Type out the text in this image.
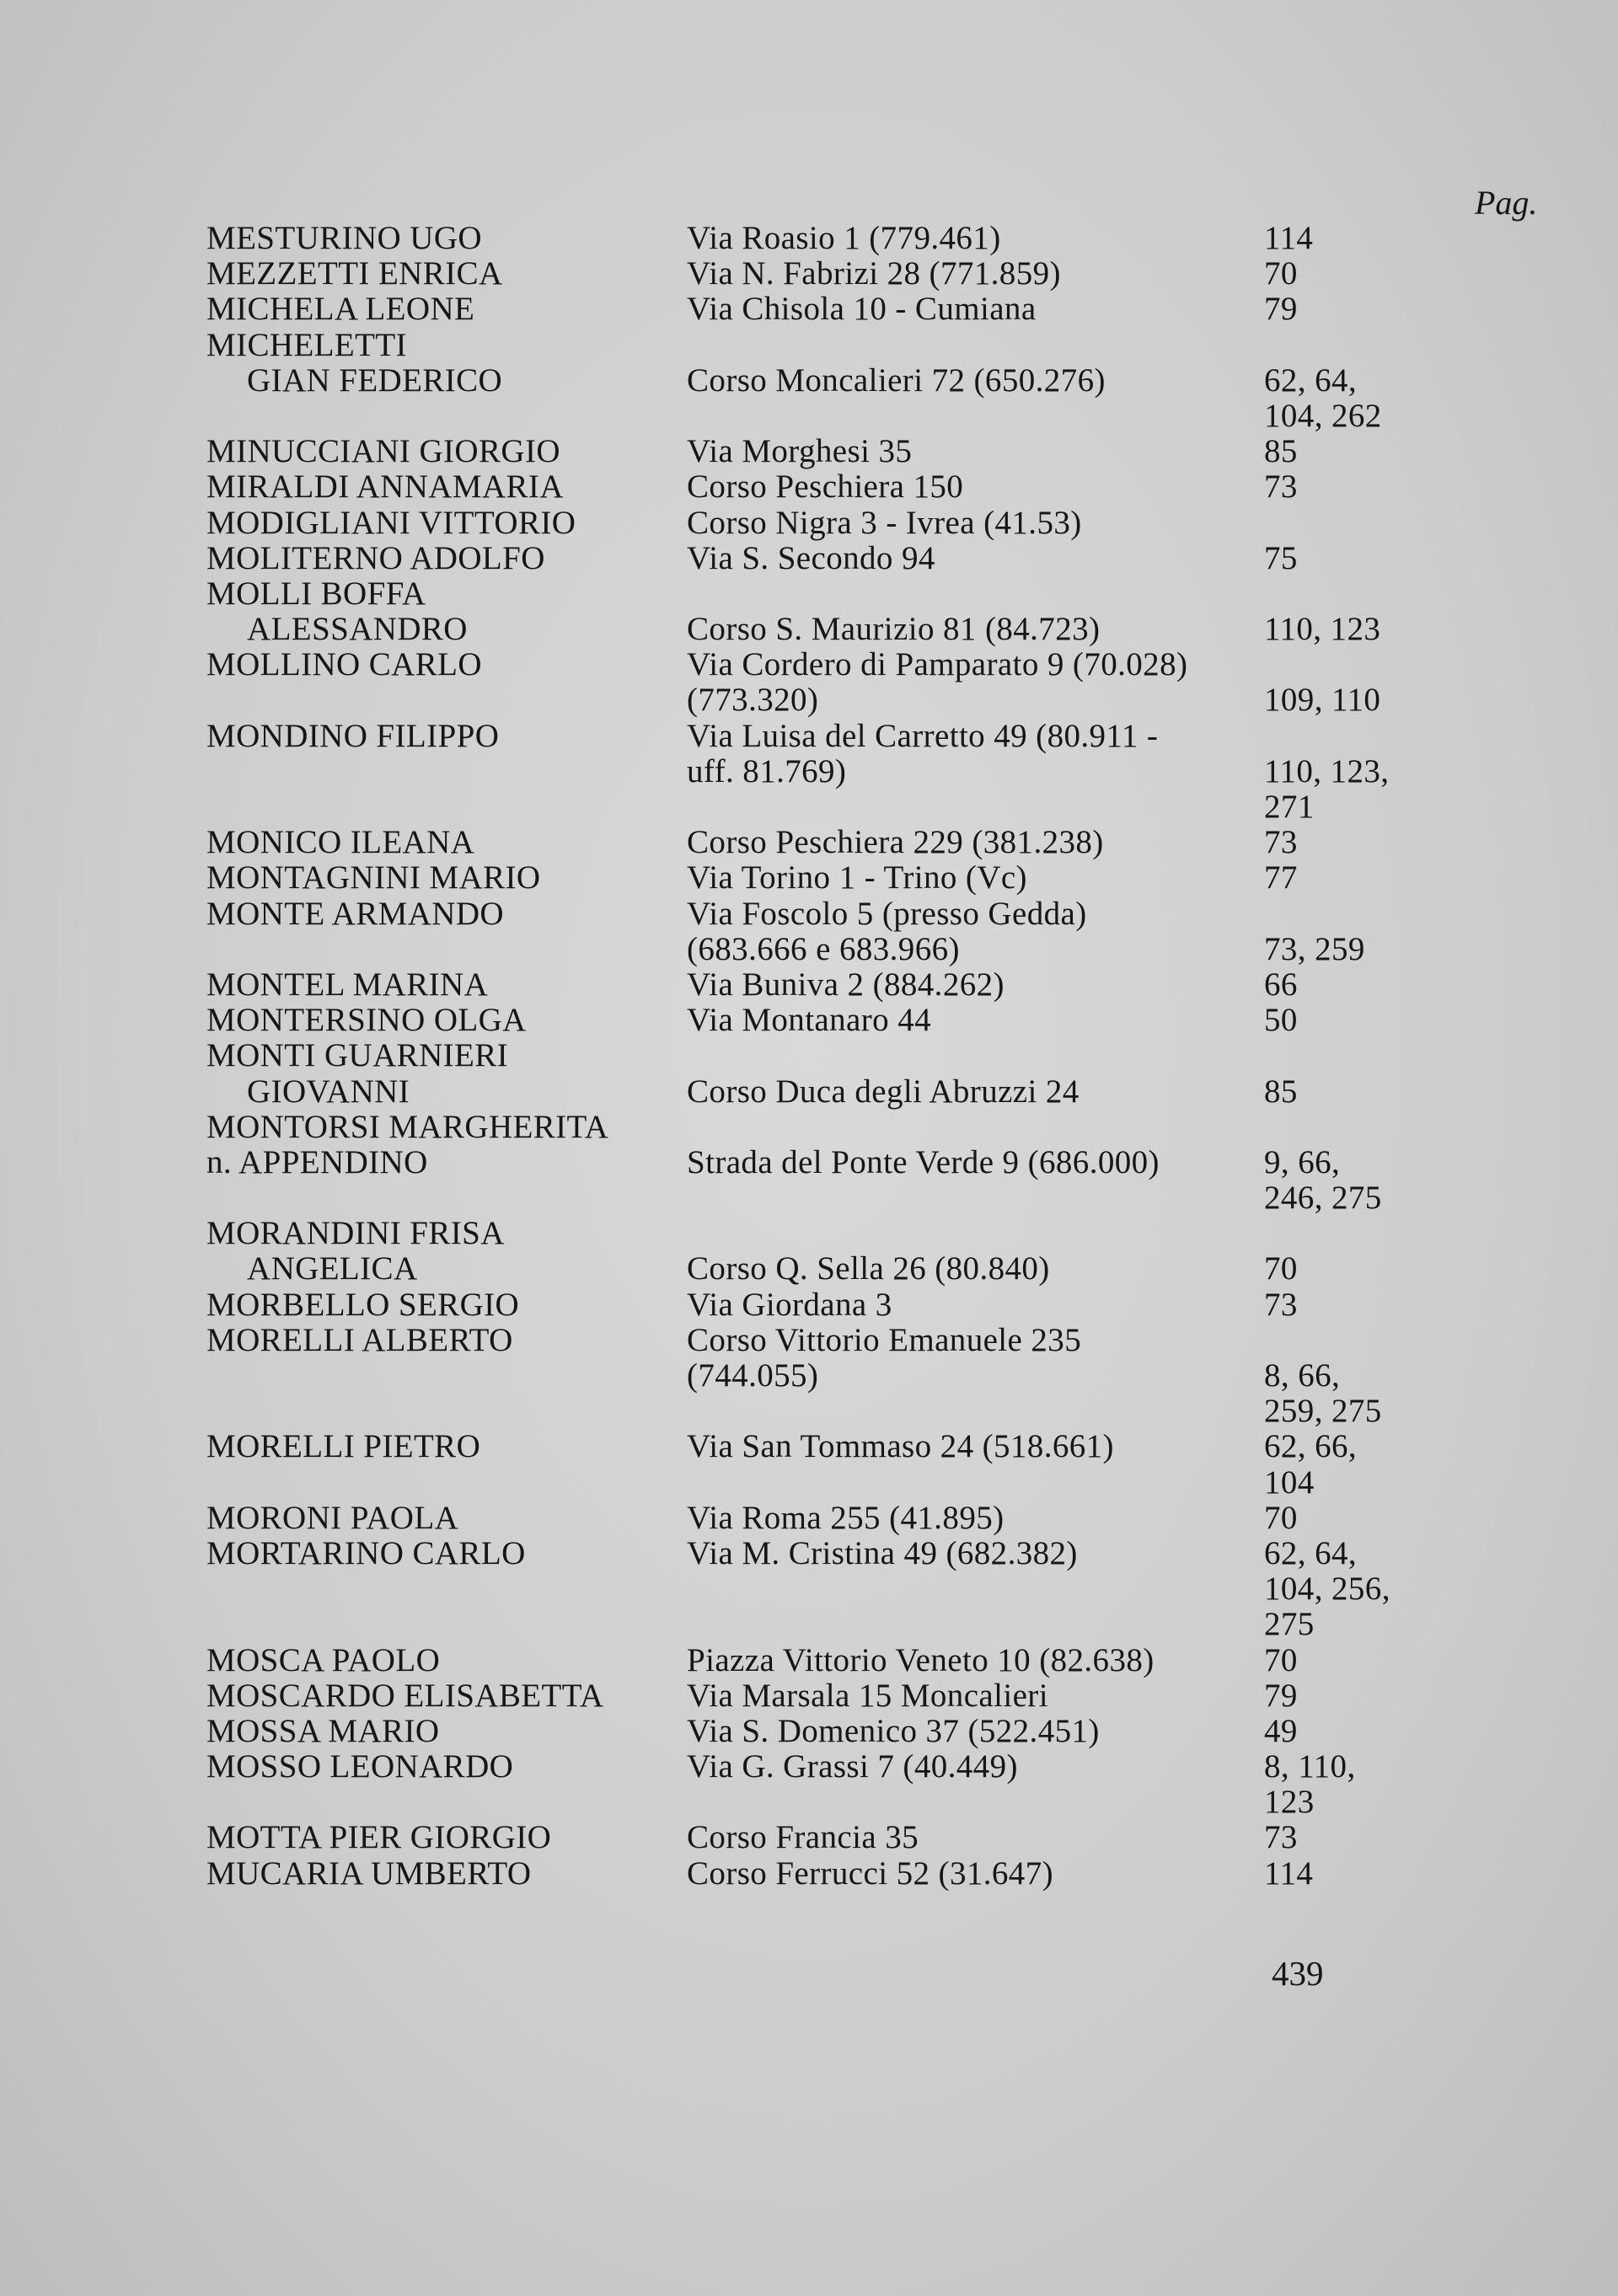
Pag.
MESTURINO UGO	Via Roasio 1 (779.461)	114
MEZZETTI ENRICA	Via N. Fabrizi 28 (771.859)	70
MICHELA LEONE	Via Chisola 10 - Cumiana	79
MICHELETTI
GIAN FEDERICO	Corso Moncalieri 72 (650.276)	62, 64,
104, 262
MINUCCIANI GIORGIO	Via Morghesi 35	85
MIRALDI ANNAMARIA	Corso Peschiera 150	73
MODIGLIANI VITTORIO	Corso Nigra 3 - Ivrea (41.53)
MOLITERNO ADOLFO	Via S. Secondo 94	75
MOLLI BOFFA
ALESSANDRO	Corso S. Maurizio 81 (84.723)	110, 123
MOLLINO CARLO	Via Cordero di Pamparato 9 (70.028)
(773.320)	109, 110
MONDINO FILIPPO	Via Luisa del Carretto 49 (80.911 -
uff. 81.769)	110, 123,
271
MONICO ILEANA	Corso Peschiera 229 (381.238)	73
MONTAGNINI MARIO	Via Torino 1 - Trino (Vc)	77
MONTE ARMANDO	Via Foscolo 5 (presso Gedda)
(683.666 e 683.966)	73, 259
MONTEL MARINA	Via Buniva 2 (884.262)	66
MONTERSINO OLGA	Via Montanaro 44	50
MONTI GUARNIERI
GIOVANNI	Corso Duca degli Abruzzi 24	85
MONTORSI MARGHERITA
n. APPENDINO	Strada del Ponte Verde 9 (686.000)	9, 66,
246, 275
MORANDINI FRISA
ANGELICA	Corso Q. Sella 26 (80.840)	70
MORBELLO SERGIO	Via Giordana 3	73
MORELLI ALBERTO	Corso Vittorio Emanuele 235
(744.055)	8, 66,
259, 275
MORELLI PIETRO	Via San Tommaso 24 (518.661)	62, 66,
104
MORONI PAOLA	Via Roma 255 (41.895)	70
MORTARINO CARLO	Via M. Cristina 49 (682.382)	62, 64,
104, 256,
275
MOSCA PAOLO	Piazza Vittorio Veneto 10 (82.638)	70
MOSCARDO ELISABETTA	Via Marsala 15 Moncalieri	79
MOSSA MARIO	Via S. Domenico 37 (522.451)	49
MOSSO LEONARDO	Via G. Grassi 7 (40.449)	8, 110,
123
MOTTA PIER GIORGIO	Corso Francia 35	73
MUCARIA UMBERTO	Corso Ferrucci 52 (31.647)	114
439
